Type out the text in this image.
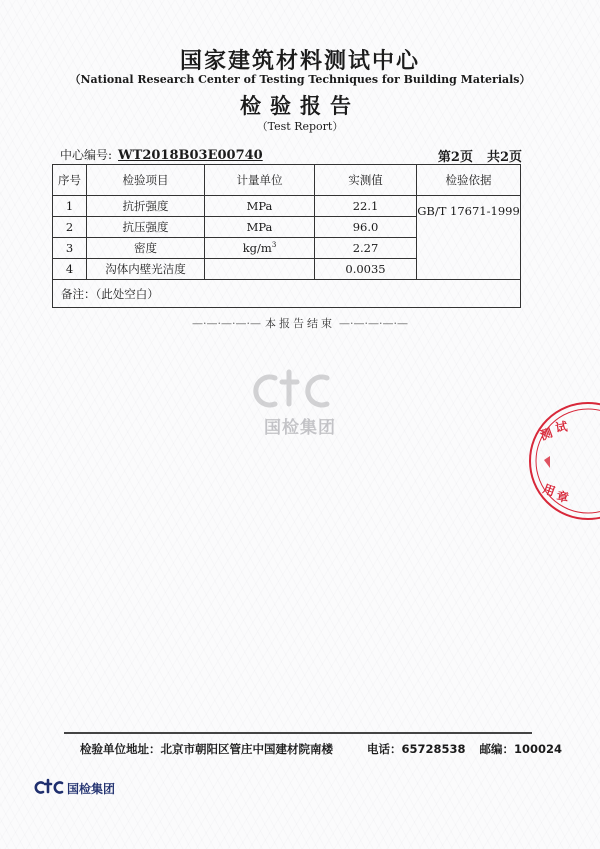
国家建筑材料测试中心
（National Research Center of Testing Techniques for Building Materials）
检验报告
（Test Report）
中心编号: WT2018B03E00740	第2页 共2页
序号	检验项目	计量单位	实测值	检验依据
1	抗折强度	MPa	22.1	GB/T 17671-1999
2	抗压强度	MPa	96.0	
3	密度	$kg/m^3$	2.27	
4	沟体内壁光洁度		0.0035	
备注：（此处空白）				
—·—·—·—·— 本报告结束 —·—·—·—·—
国检集团	测 试
用
章
检验单位地址：北京市朝阳区管庄中国建材院南楼	电话：65728538 邮编：100024
国检集团
